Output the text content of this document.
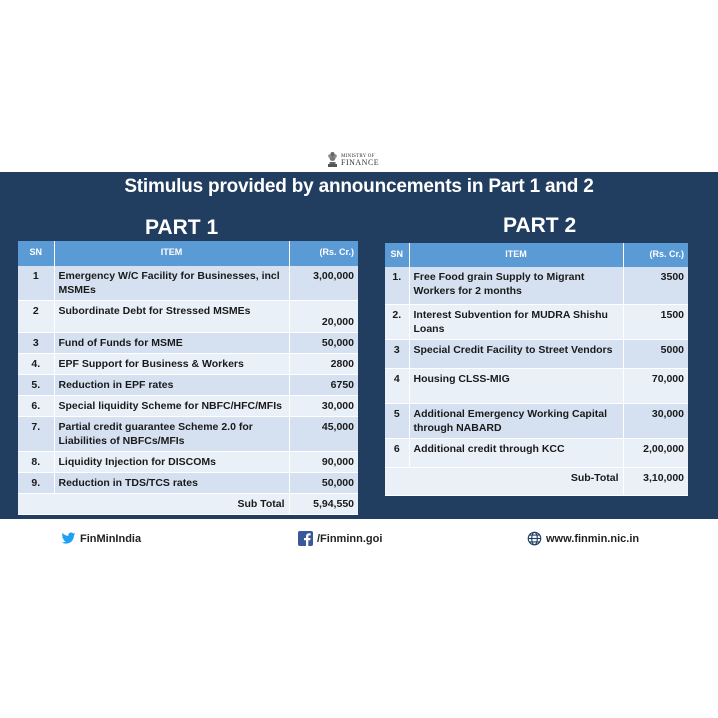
MINISTRY OF
FINANCE
Stimulus provided by announcements in Part 1 and 2
PART 1	PART 2
SN	ITEM	(Rs. Cr.)
1	Emergency W/C Facility for Businesses, incl MSMEs	3,00,000
2	Subordinate Debt for Stressed MSMEs	20,000
3	Fund of Funds for MSME	50,000
4.	EPF Support for Business & Workers	2800
5.	Reduction in EPF rates	6750
6.	Special liquidity Scheme for NBFC/HFC/MFIs	30,000
7.	Partial credit guarantee Scheme 2.0 for Liabilities of NBFCs/MFIs	45,000
8.	Liquidity Injection for DISCOMs	90,000
9.	Reduction in TDS/TCS rates	50,000
Sub Total		5,94,550
SN	ITEM	(Rs. Cr.)
1.	Free Food grain Supply to Migrant Workers for 2 months	3500
2.	Interest Subvention for MUDRA Shishu Loans	1500
3	Special Credit Facility to Street Vendors	5000
4	Housing CLSS-MIG	70,000
5	Additional Emergency Working Capital through NABARD	30,000
6	Additional credit through KCC	2,00,000
Sub-Total		3,10,000
FinMinIndia	/Finminn.goi	www.finmin.nic.in
